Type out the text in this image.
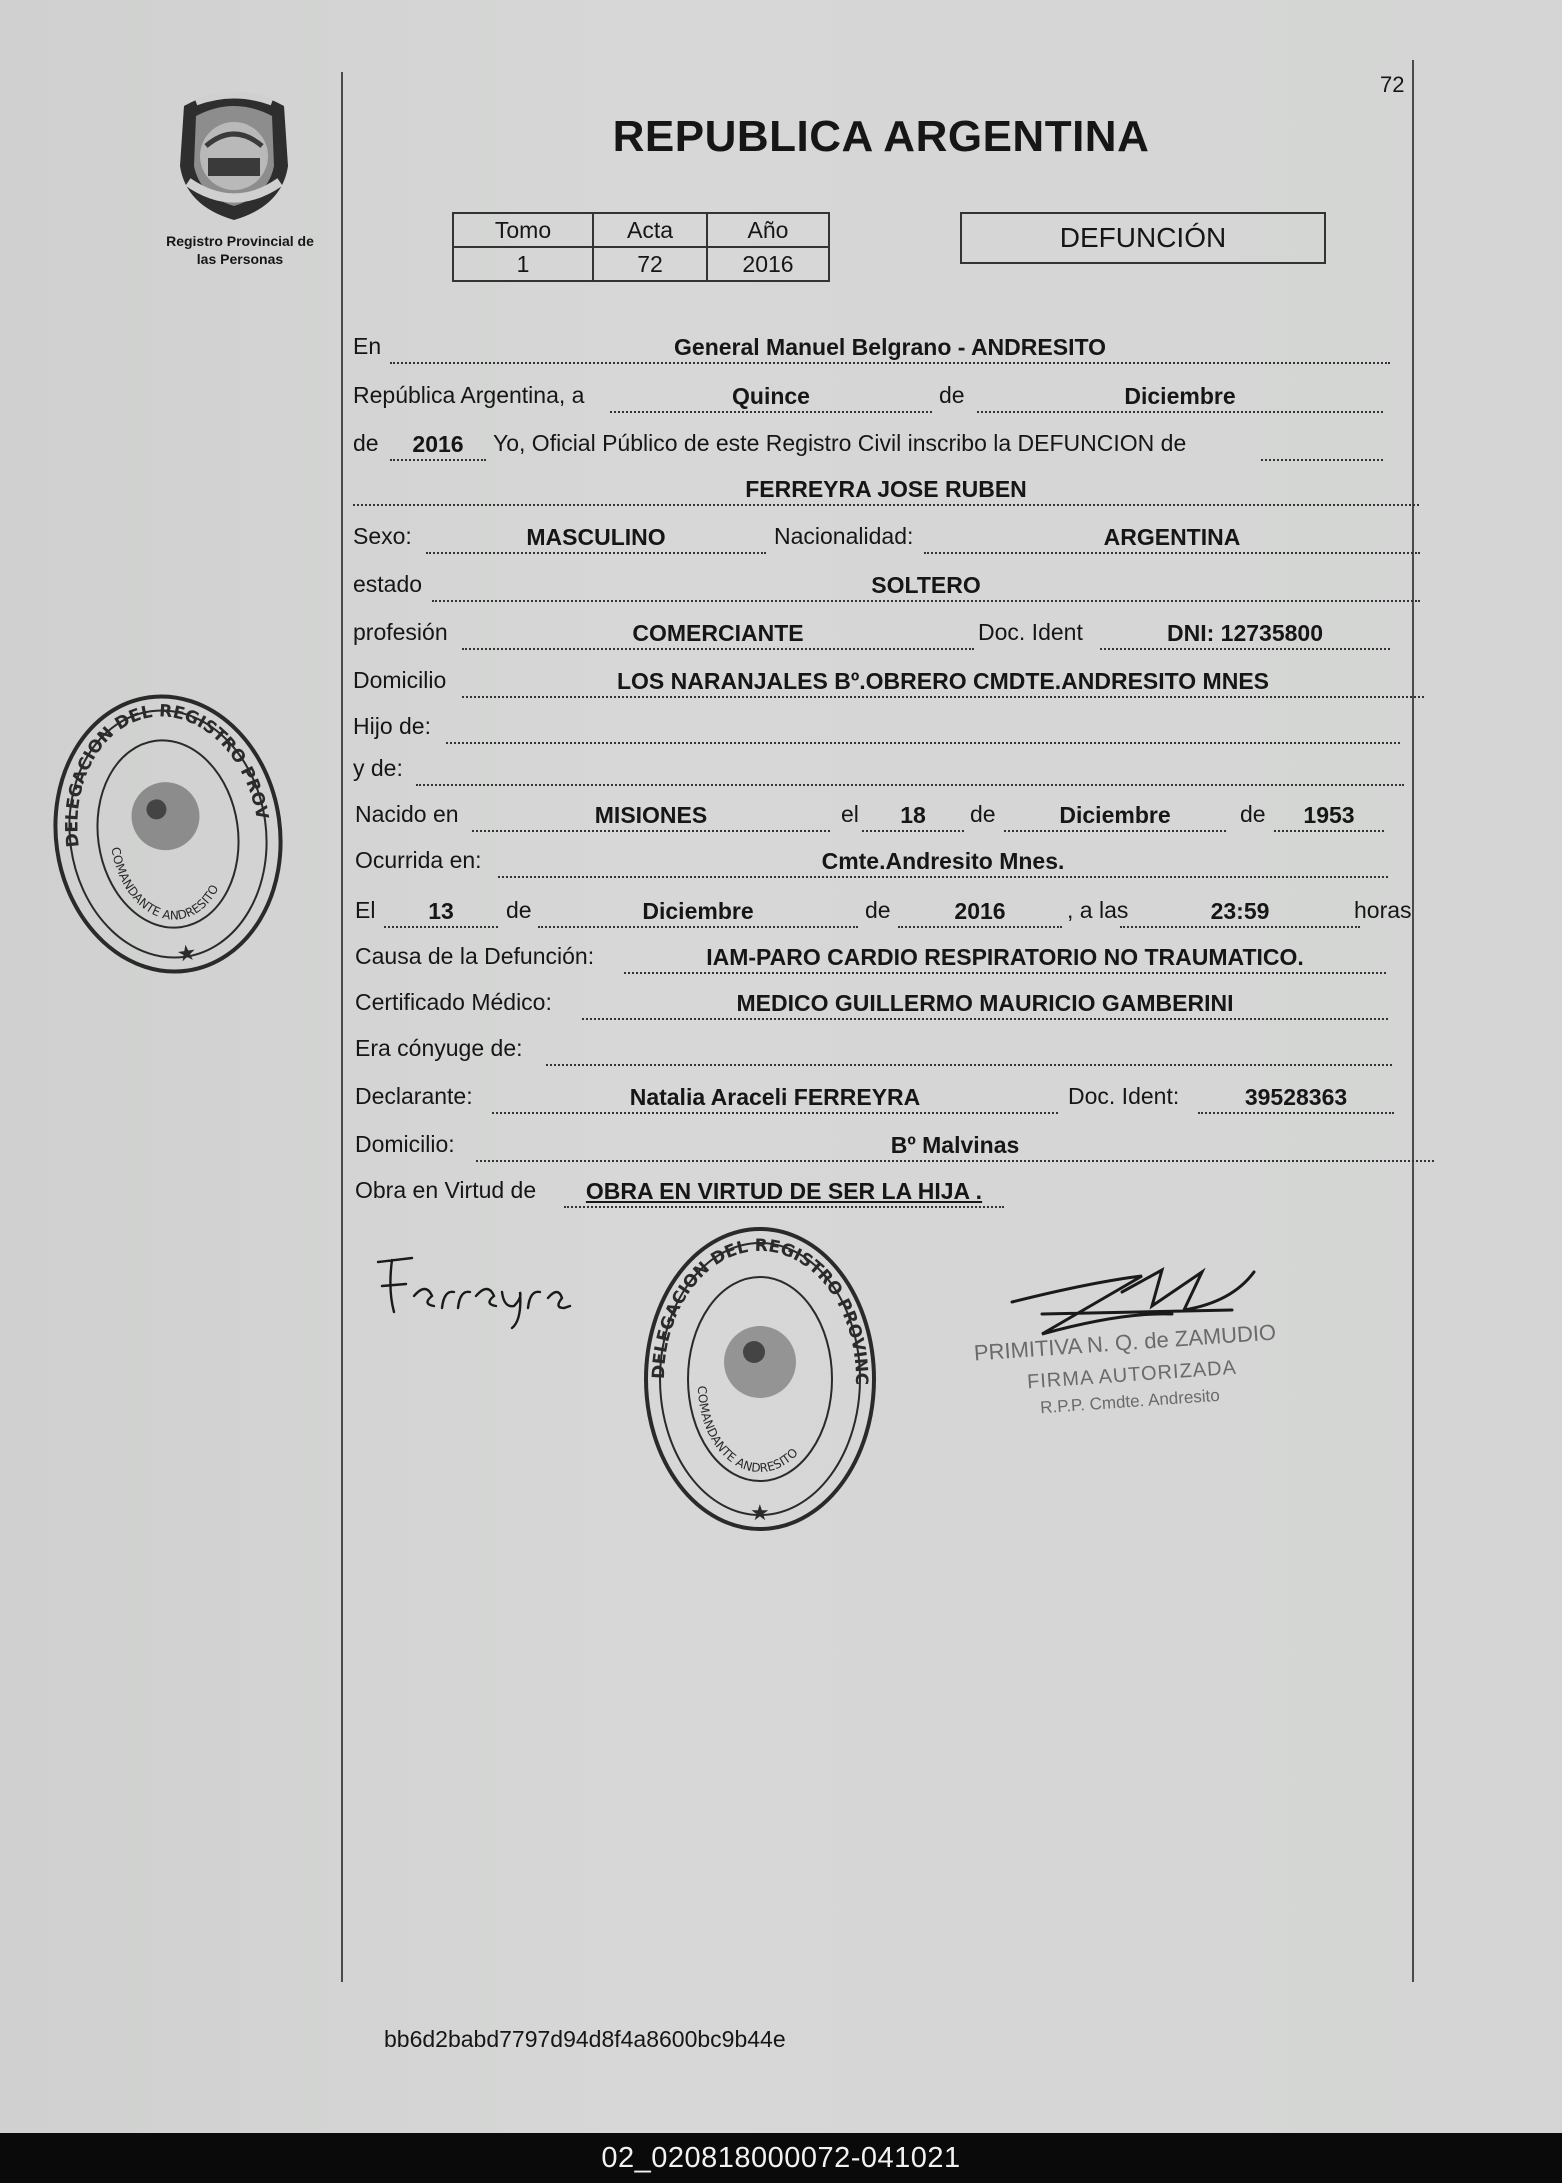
72
Registro Provincial de
las Personas
REPUBLICA ARGENTINA
Tomo	Acta	Año
1	72	2016
DEFUNCIÓN
En	General Manuel Belgrano - ANDRESITO
República Argentina, a	Quince	de	Diciembre
de	2016	Yo, Oficial Público de este Registro Civil inscribo la DEFUNCION de
FERREYRA JOSE RUBEN
Sexo:	MASCULINO	Nacionalidad:	ARGENTINA
estado	SOLTERO
profesión	COMERCIANTE	Doc. Ident	DNI: 12735800
Domicilio	LOS NARANJALES Bº.OBRERO CMDTE.ANDRESITO MNES
Hijo de:
y de:
Nacido en	MISIONES	el	18	de	Diciembre	de	1953
Ocurrida en:	Cmte.Andresito Mnes.
El	13	de	Diciembre	de	2016	, a las	23:59	horas
Causa de la Defunción:	IAM-PARO CARDIO RESPIRATORIO NO TRAUMATICO.
Certificado Médico:	MEDICO GUILLERMO MAURICIO GAMBERINI
Era cónyuge de:
Declarante:	Natalia Araceli FERREYRA	Doc. Ident:	39528363
Domicilio:	Bº Malvinas
Obra en Virtud de	OBRA EN VIRTUD DE SER LA HIJA .
DELEGACION DEL REGISTRO PROVINCIAL DE LAS PERSONAS
COMANDANTE ANDRESITO
★
DELEGACION DEL REGISTRO PROVINC
COMANDANTE ANDRESITO
★
PRIMITIVA N. Q. de ZAMUDIO
FIRMA AUTORIZADA
R.P.P. Cmdte. Andresito
bb6d2babd7797d94d8f4a8600bc9b44e
02_020818000072-041021
